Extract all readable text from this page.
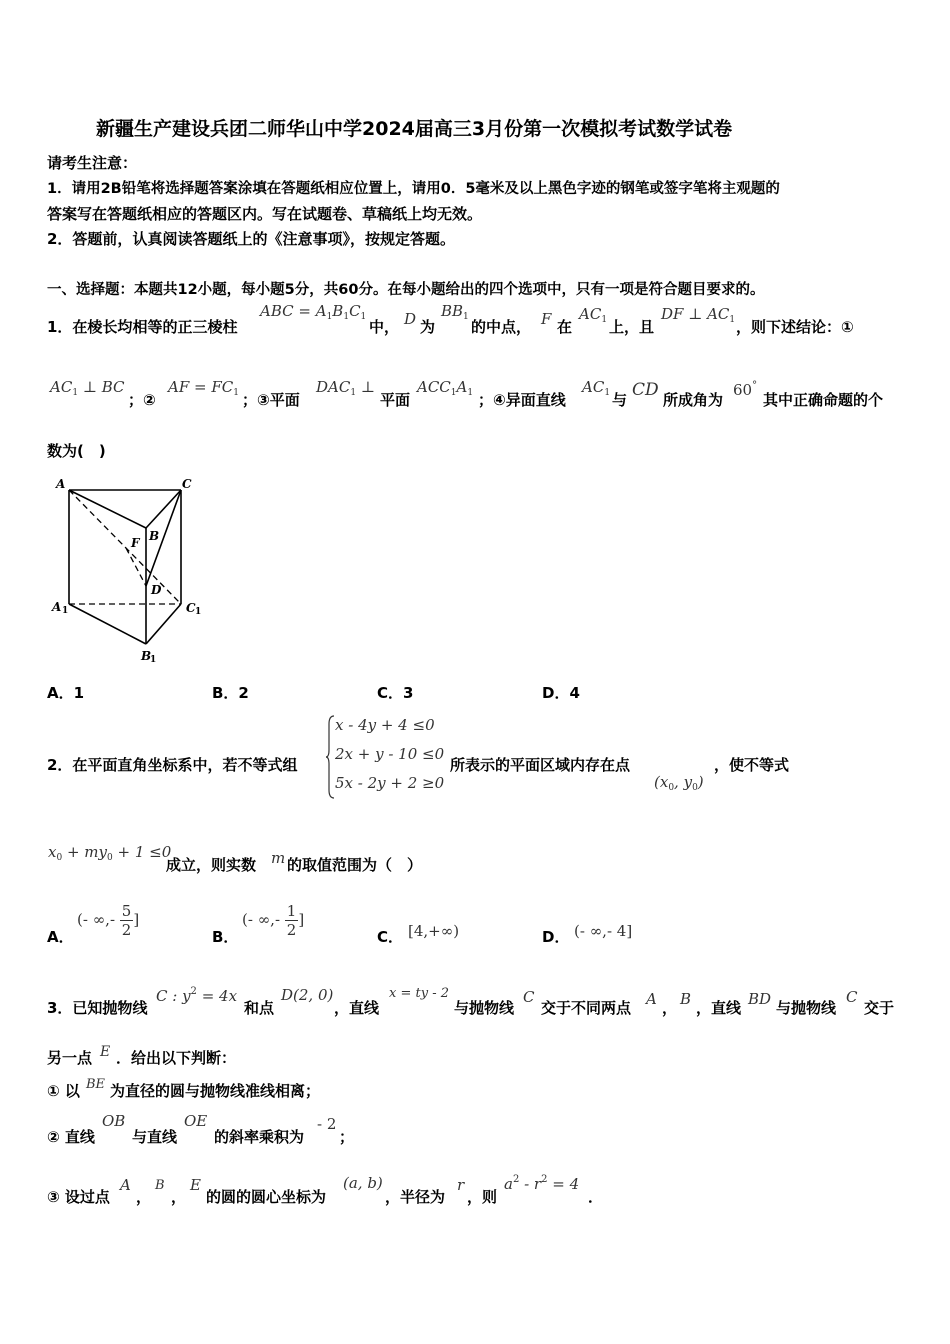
新疆生产建设兵团二师华山中学2024届高三3月份第一次模拟考试数学试卷
请考生注意：
1．请用2B铅笔将选择题答案涂填在答题纸相应位置上，请用0．5毫米及以上黑色字迹的钢笔或签字笔将主观题的
答案写在答题纸相应的答题区内。写在试题卷、草稿纸上均无效。
2．答题前，认真阅读答题纸上的《注意事项》，按规定答题。
一、选择题：本题共12小题，每小题5分，共60分。在每小题给出的四个选项中，只有一项是符合题目要求的。
1．在棱长均相等的正三棱柱
ABC = $A_1B_1C_1$
中， D 为
$BB_1$
的中点， F 在
$AC_1$ 上，且
DF ⊥ $AC_1$ ，则下述结论：①
$AC_1$ ⊥ BC
；②
AF = $FC_1$ ；③平面
$DAC_1$ ⊥
平面
$ACC_1A_1$ ；④异面直线
$AC_1$ 与 CD 所成角为
60°
其中正确命题的个
数为(　)
A	C
B
F
D
A 1	C 1
B
1
A．1	B．2	C．3	D．4
2．在平面直角坐标系中，若不等式组
x - 4y + 4 ≤0
2x + y - 10 ≤0
5x - 2y + 2 ≥0
所表示的平面区域内存在点
($x_0$, $y_0$)
，使不等式
$x_0 + my_0 + 1 \le 0$
成立，则实数 m 的取值范围为（　）
A．
(- ∞,- $\frac{5}{2}$ ]
B．
(- ∞,- $\frac{1}{2}$ ]
C． [4,+∞)	D． (- ∞,- 4]
3．已知抛物线
C : $y^2 = 4x$
和点
D(2, 0)
，直线
x = ty - 2
与抛物线
C
交于不同两点 A ， B ，直线 BD 与抛物线
C
交于
另一点 E ．给出以下判断：
① 以 BE 为直径的圆与抛物线准线相离；
② 直线
OB
与直线
OE
的斜率乘积为
- 2
；
③ 设过点
A
，
B
，
E
的圆的圆心坐标为
(a, b)
，半径为
r
，则
$a^2 - r^2 = 4$
．
